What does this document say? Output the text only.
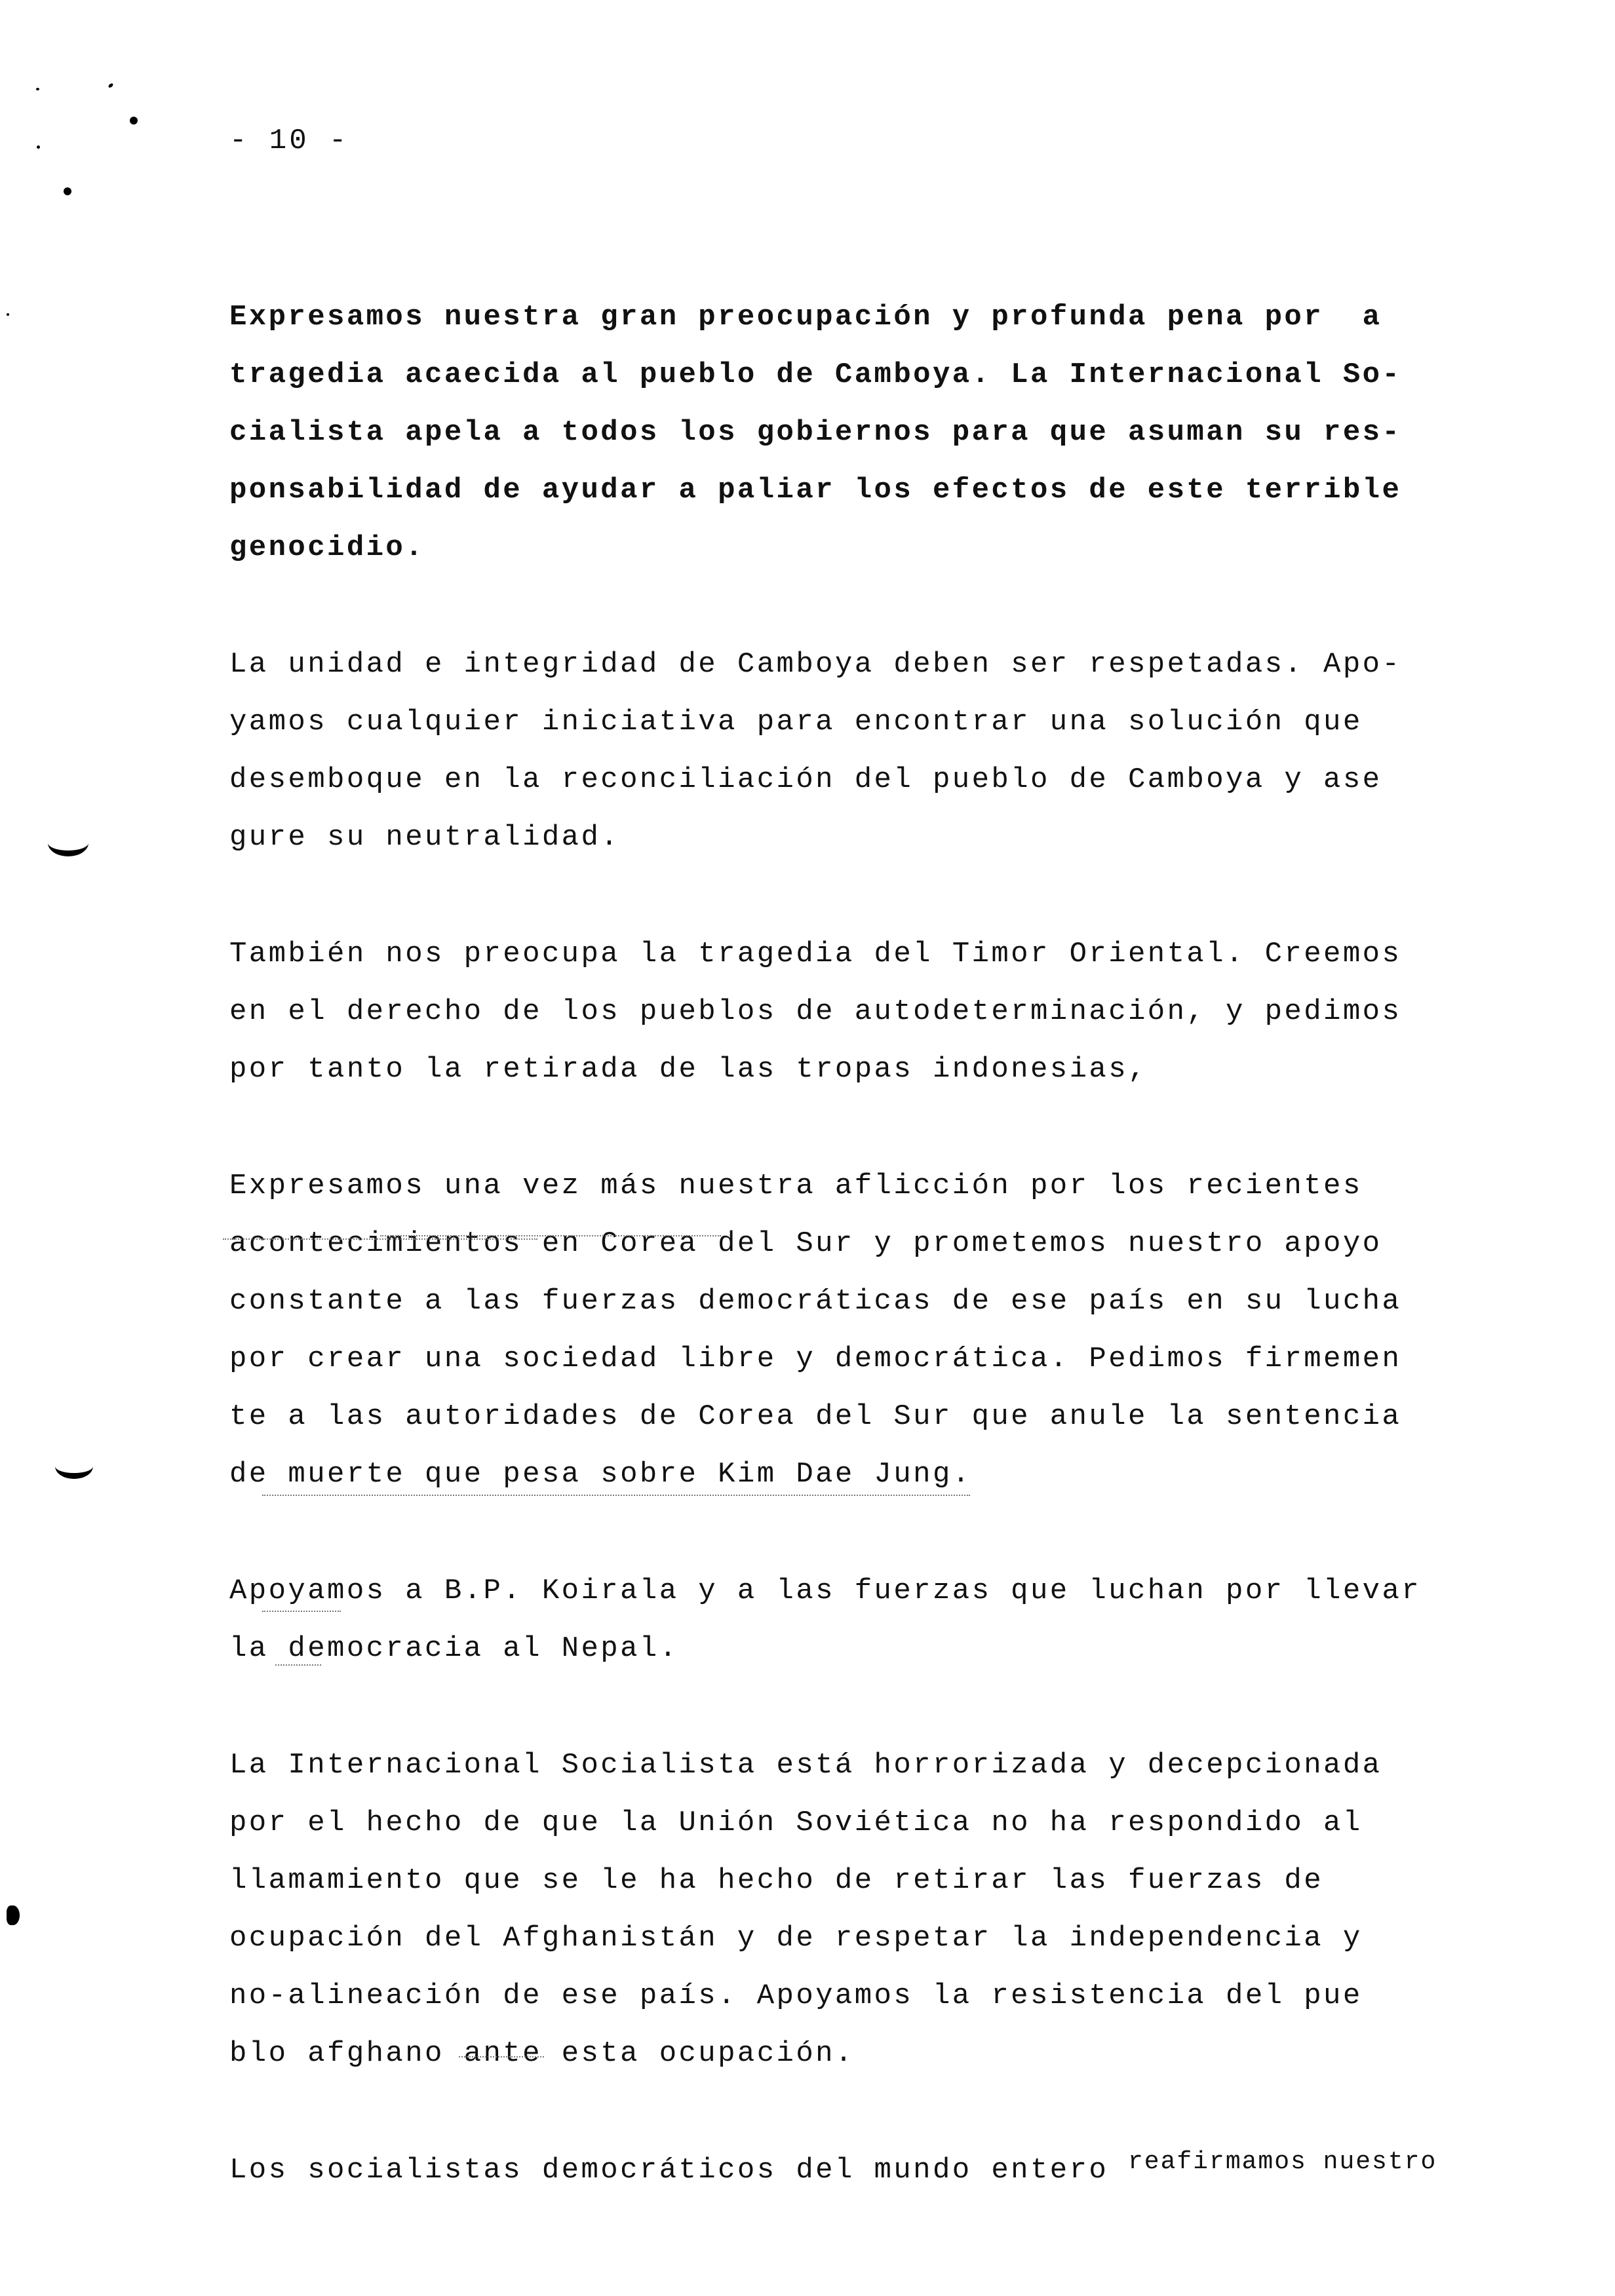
- 10 -
Expresamos nuestra gran preocupación y profunda pena por  a
tragedia acaecida al pueblo de Camboya. La Internacional So-
cialista apela a todos los gobiernos para que asuman su res-
ponsabilidad de ayudar a paliar los efectos de este terrible
genocidio.
La unidad e integridad de Camboya deben ser respetadas. Apo-
yamos cualquier iniciativa para encontrar una solución que
desemboque en la reconciliación del pueblo de Camboya y ase
gure su neutralidad.
También nos preocupa la tragedia del Timor Oriental. Creemos
en el derecho de los pueblos de autodeterminación, y pedimos
por tanto la retirada de las tropas indonesias,
Expresamos una vez más nuestra aflicción por los recientes
acontecimientos en Corea del Sur y prometemos nuestro apoyo
constante a las fuerzas democráticas de ese país en su lucha
por crear una sociedad libre y democrática. Pedimos firmemen
te a las autoridades de Corea del Sur que anule la sentencia
de muerte que pesa sobre Kim Dae Jung.
Apoyamos a B.P. Koirala y a las fuerzas que luchan por llevar
la democracia al Nepal.
La Internacional Socialista está horrorizada y decepcionada
por el hecho de que la Unión Soviética no ha respondido al
llamamiento que se le ha hecho de retirar las fuerzas de
ocupación del Afghanistán y de respetar la independencia y
no-alineación de ese país. Apoyamos la resistencia del pue
blo afghano ante esta ocupación.
Los socialistas democráticos del mundo entero reafirmamos nuestro
